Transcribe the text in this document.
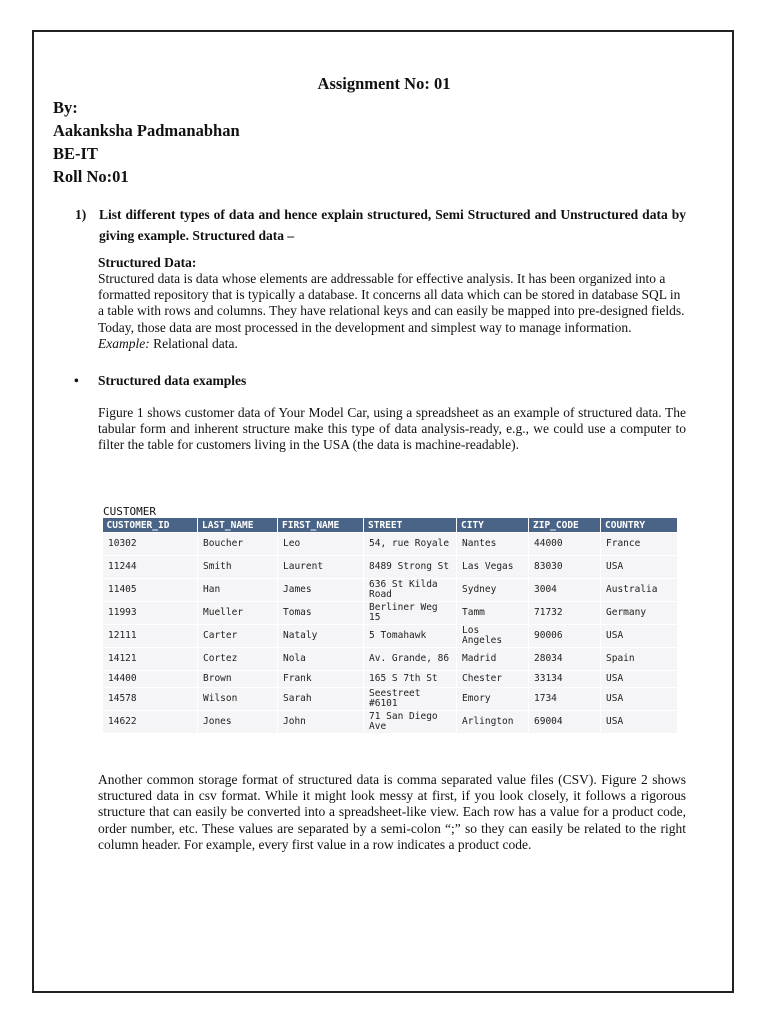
Assignment No: 01
By:
Aakanksha Padmanabhan
BE-IT
Roll No:01
1) List different types of data and hence explain structured, Semi Structured and Unstructured data by giving example. Structured data –
Structured Data:
Structured data is data whose elements are addressable for effective analysis. It has been organized into a formatted repository that is typically a database. It concerns all data which can be stored in database SQL in a table with rows and columns. They have relational keys and can easily be mapped into pre-designed fields. Today, those data are most processed in the development and simplest way to manage information. Example: Relational data.
• Structured data examples
Figure 1 shows customer data of Your Model Car, using a spreadsheet as an example of structured data. The tabular form and inherent structure make this type of data analysis-ready, e.g., we could use a computer to filter the table for customers living in the USA (the data is machine-readable).
CUSTOMER
CUSTOMER_ID	LAST_NAME	FIRST_NAME	STREET	CITY	ZIP_CODE	COUNTRY
10302	Boucher	Leo	54, rue Royale	Nantes	44000	France
11244	Smith	Laurent	8489 Strong St	Las Vegas	83030	USA
11405	Han	James	636 St Kilda Road	Sydney	3004	Australia
11993	Mueller	Tomas	Berliner Weg 15	Tamm	71732	Germany
12111	Carter	Nataly	5 Tomahawk	Los Angeles	90006	USA
14121	Cortez	Nola	Av. Grande, 86	Madrid	28034	Spain
14400	Brown	Frank	165 S 7th St	Chester	33134	USA
14578	Wilson	Sarah	Seestreet #6101	Emory	1734	USA
14622	Jones	John	71 San Diego Ave	Arlington	69004	USA
Another common storage format of structured data is comma separated value files (CSV). Figure 2 shows structured data in csv format. While it might look messy at first, if you look closely, it follows a rigorous structure that can easily be converted into a spreadsheet-like view. Each row has a value for a product code, order number, etc. These values are separated by a semi-colon “;” so they can easily be related to the right column header. For example, every first value in a row indicates a product code.
